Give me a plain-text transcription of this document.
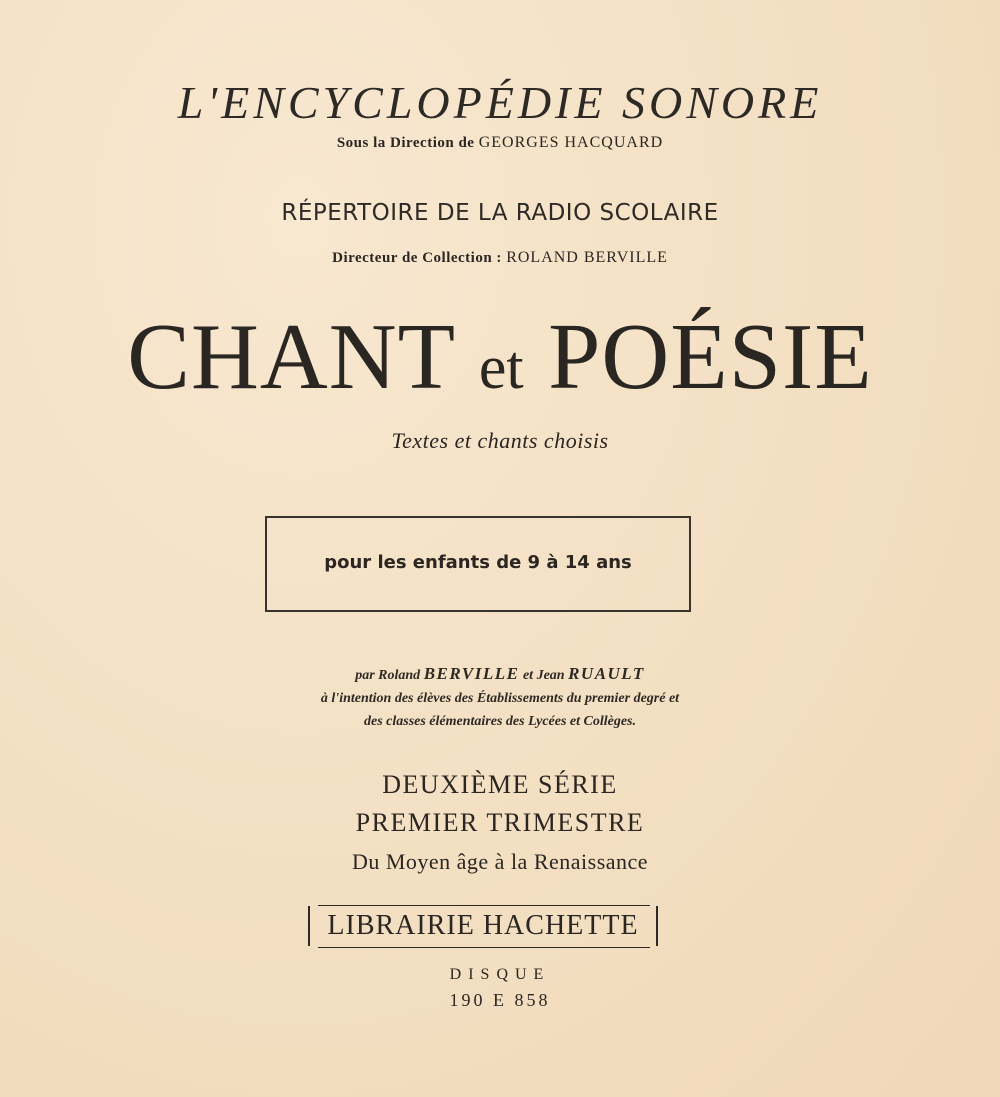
L'ENCYCLOPÉDIE SONORE
Sous la Direction de GEORGES HACQUARD
RÉPERTOIRE DE LA RADIO SCOLAIRE
Directeur de Collection : ROLAND BERVILLE
CHANT et POÉSIE
Textes et chants choisis
pour les enfants de 9 à 14 ans
par Roland BERVILLE et Jean RUAULT
à l'intention des élèves des Établissements du premier degré et
des classes élémentaires des Lycées et Collèges.
DEUXIÈME SÉRIE
PREMIER TRIMESTRE
Du Moyen âge à la Renaissance
LIBRAIRIE HACHETTE
DISQUE
190 E 858
